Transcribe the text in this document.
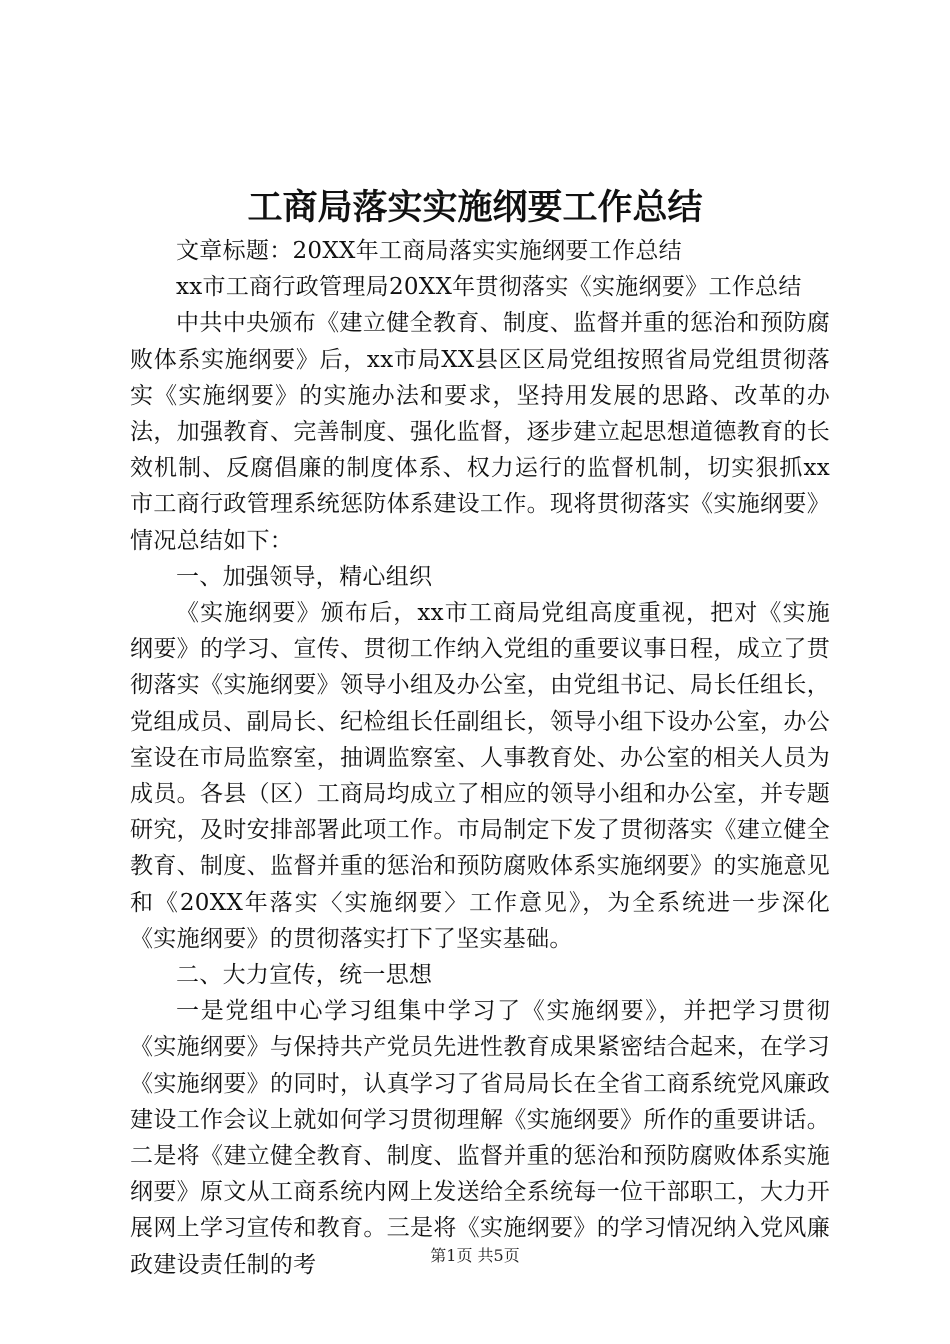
工商局落实实施纲要工作总结

文章标题：20XX年工商局落实实施纲要工作总结

xx市工商行政管理局20XX年贯彻落实《实施纲要》工作总结

中共中央颁布《建立健全教育、制度、监督并重的惩治和预防腐败体系实施纲要》后，xx市局XX县区区局党组按照省局党组贯彻落实《实施纲要》的实施办法和要求，坚持用发展的思路、改革的办法，加强教育、完善制度、强化监督，逐步建立起思想道德教育的长效机制、反腐倡廉的制度体系、权力运行的监督机制，切实狠抓xx市工商行政管理系统惩防体系建设工作。现将贯彻落实《实施纲要》情况总结如下：

一、加强领导，精心组织

《实施纲要》颁布后，xx市工商局党组高度重视，把对《实施纲要》的学习、宣传、贯彻工作纳入党组的重要议事日程，成立了贯彻落实《实施纲要》领导小组及办公室，由党组书记、局长任组长，党组成员、副局长、纪检组长任副组长，领导小组下设办公室，办公室设在市局监察室，抽调监察室、人事教育处、办公室的相关人员为成员。各县（区）工商局均成立了相应的领导小组和办公室，并专题研究，及时安排部署此项工作。市局制定下发了贯彻落实《建立健全教育、制度、监督并重的惩治和预防腐败体系实施纲要》的实施意见和《20XX年落实〈实施纲要〉工作意见》，为全系统进一步深化《实施纲要》的贯彻落实打下了坚实基础。

二、大力宣传，统一思想

一是党组中心学习组集中学习了《实施纲要》，并把学习贯彻《实施纲要》与保持共产党员先进性教育成果紧密结合起来，在学习《实施纲要》的同时，认真学习了省局局长在全省工商系统党风廉政建设工作会议上就如何学习贯彻理解《实施纲要》所作的重要讲话。二是将《建立健全教育、制度、监督并重的惩治和预防腐败体系实施纲要》原文从工商系统内网上发送给全系统每一位干部职工，大力开展网上学习宣传和教育。三是将《实施纲要》的学习情况纳入党风廉政建设责任制的考	第1页 共5页
